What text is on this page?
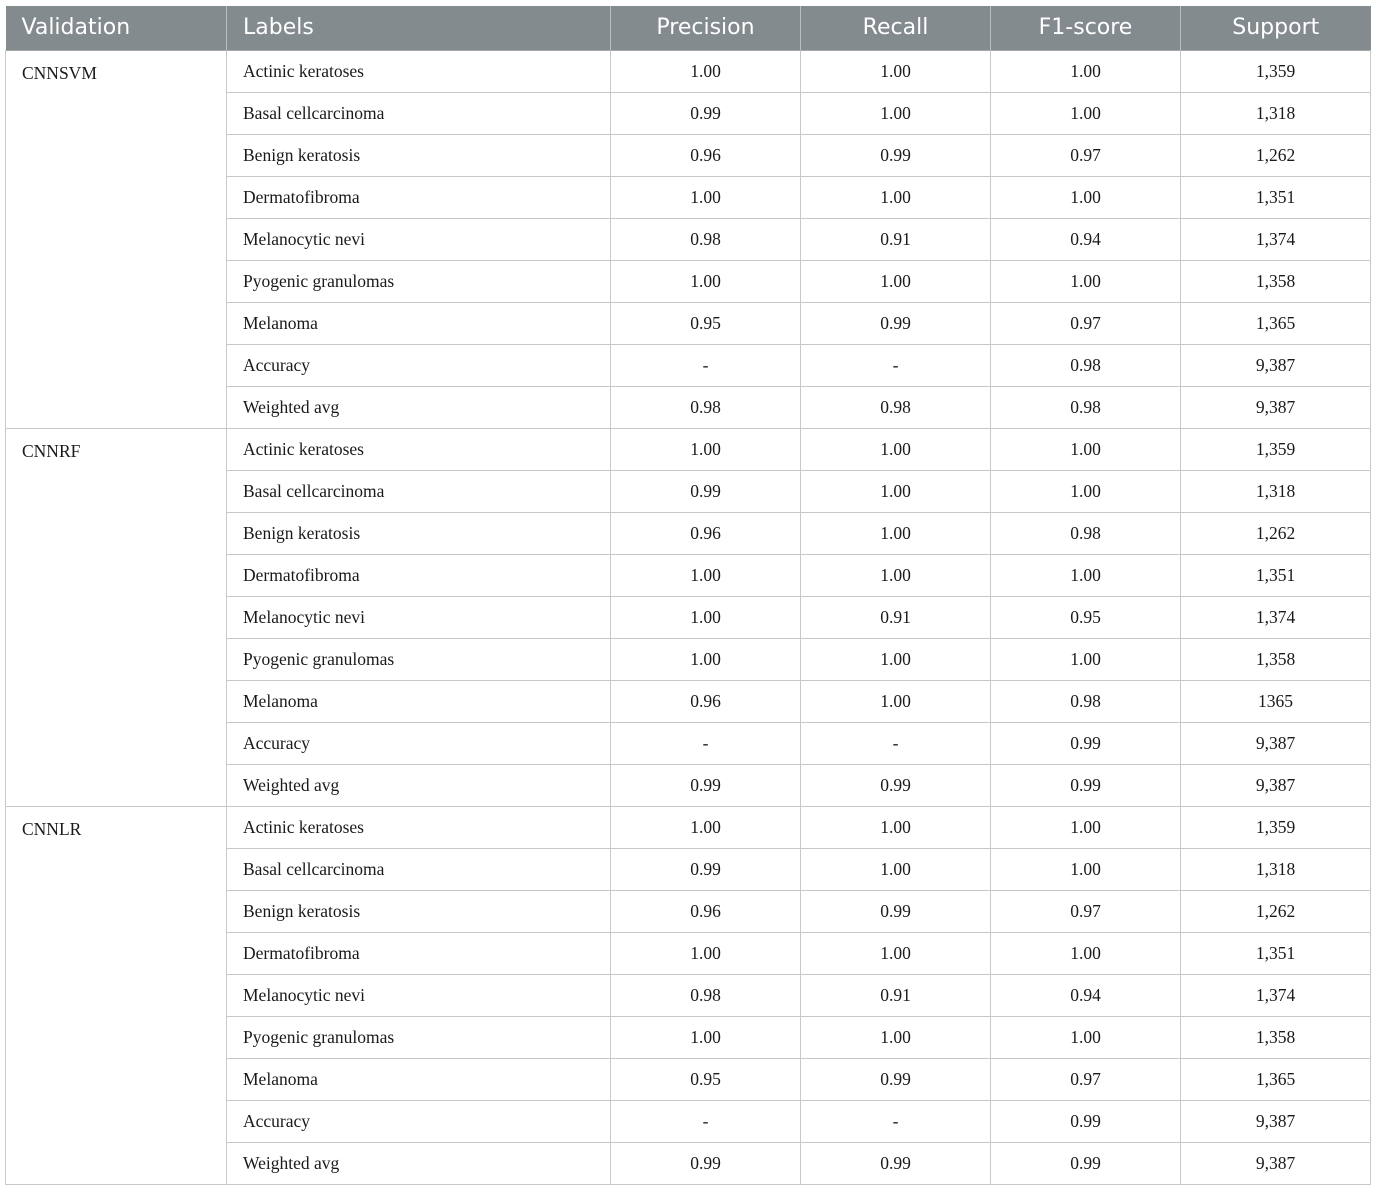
Validation	Labels	Precision	Recall	F1-score	Support
CNNSVM	Actinic keratoses	1.00	1.00	1.00	1,359
	Basal cellcarcinoma	0.99	1.00	1.00	1,318
	Benign keratosis	0.96	0.99	0.97	1,262
	Dermatofibroma	1.00	1.00	1.00	1,351
	Melanocytic nevi	0.98	0.91	0.94	1,374
	Pyogenic granulomas	1.00	1.00	1.00	1,358
	Melanoma	0.95	0.99	0.97	1,365
	Accuracy	-	-	0.98	9,387
	Weighted avg	0.98	0.98	0.98	9,387
CNNRF	Actinic keratoses	1.00	1.00	1.00	1,359
	Basal cellcarcinoma	0.99	1.00	1.00	1,318
	Benign keratosis	0.96	1.00	0.98	1,262
	Dermatofibroma	1.00	1.00	1.00	1,351
	Melanocytic nevi	1.00	0.91	0.95	1,374
	Pyogenic granulomas	1.00	1.00	1.00	1,358
	Melanoma	0.96	1.00	0.98	1365
	Accuracy	-	-	0.99	9,387
	Weighted avg	0.99	0.99	0.99	9,387
CNNLR	Actinic keratoses	1.00	1.00	1.00	1,359
	Basal cellcarcinoma	0.99	1.00	1.00	1,318
	Benign keratosis	0.96	0.99	0.97	1,262
	Dermatofibroma	1.00	1.00	1.00	1,351
	Melanocytic nevi	0.98	0.91	0.94	1,374
	Pyogenic granulomas	1.00	1.00	1.00	1,358
	Melanoma	0.95	0.99	0.97	1,365
	Accuracy	-	-	0.99	9,387
	Weighted avg	0.99	0.99	0.99	9,387
